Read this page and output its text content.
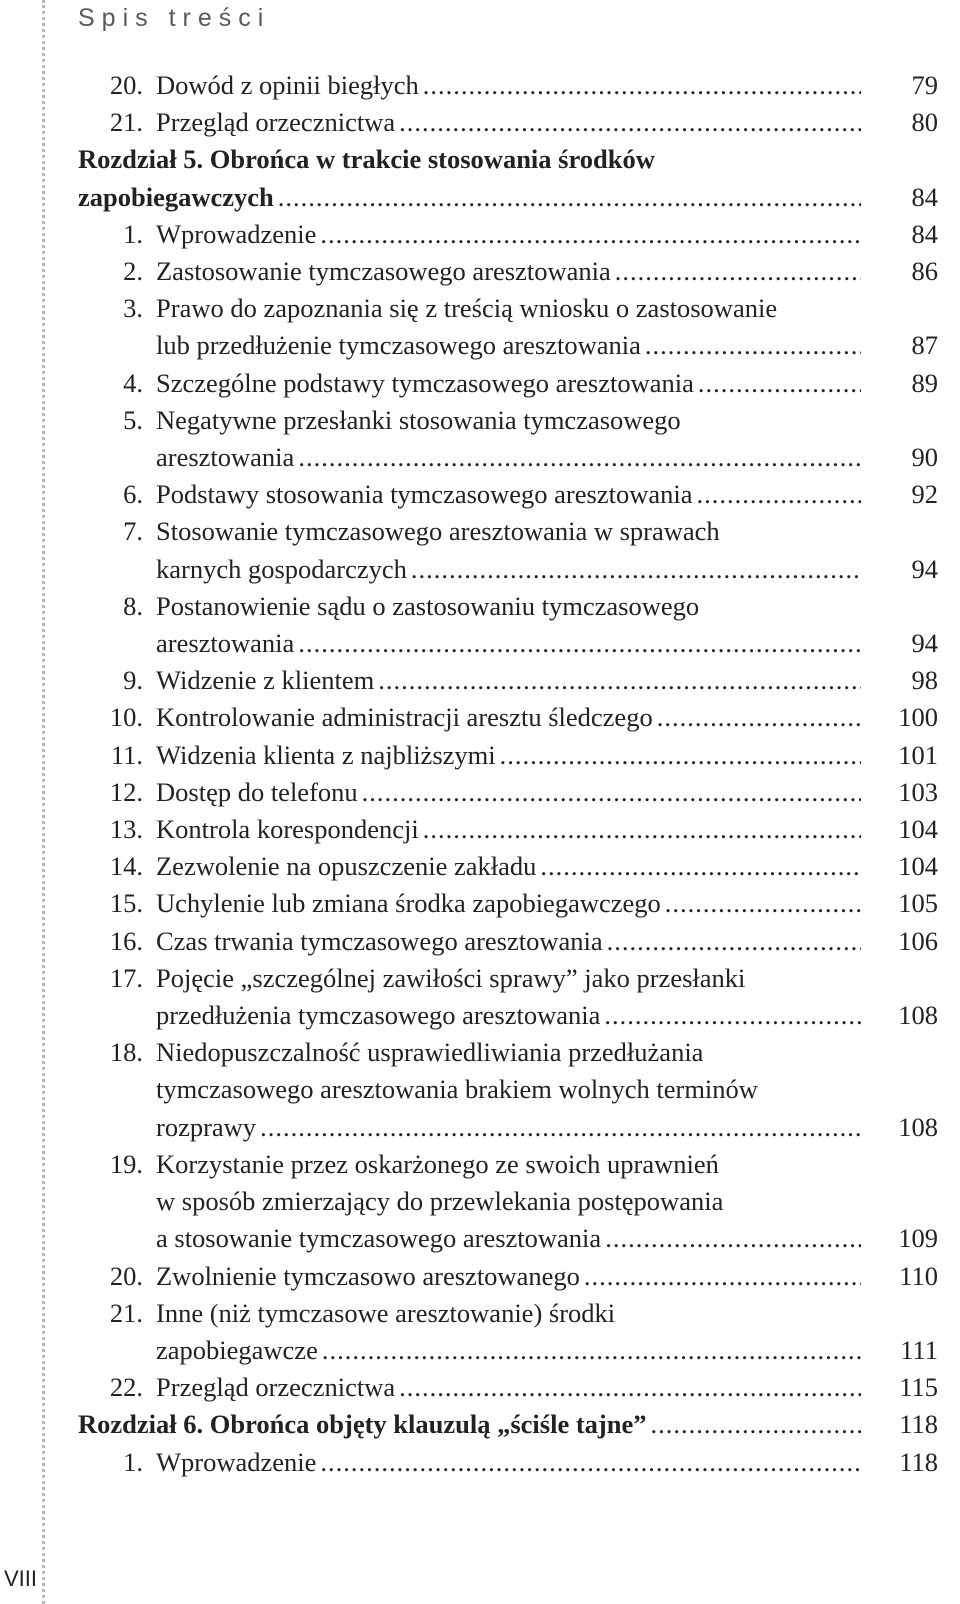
Spis treści
20. Dowód z opinii biegłych .....	79
21. Przegląd orzecznictwa .....	80
Rozdział 5. Obrońca w trakcie stosowania środków
zapobiegawczych .....	84
1. Wprowadzenie .....	84
2. Zastosowanie tymczasowego aresztowania .....	86
3. Prawo do zapoznania się z treścią wniosku o zastosowanie
lub przedłużenie tymczasowego aresztowania .....	87
4. Szczególne podstawy tymczasowego aresztowania .....	89
5. Negatywne przesłanki stosowania tymczasowego
aresztowania .....	90
6. Podstawy stosowania tymczasowego aresztowania .....	92
7. Stosowanie tymczasowego aresztowania w sprawach
karnych gospodarczych .....	94
8. Postanowienie sądu o zastosowaniu tymczasowego
aresztowania .....	94
9. Widzenie z klientem .....	98
10. Kontrolowanie administracji aresztu śledczego .....	100
11. Widzenia klienta z najbliższymi .....	101
12. Dostęp do telefonu .....	103
13. Kontrola korespondencji .....	104
14. Zezwolenie na opuszczenie zakładu .....	104
15. Uchylenie lub zmiana środka zapobiegawczego .....	105
16. Czas trwania tymczasowego aresztowania .....	106
17. Pojęcie „szczególnej zawiłości sprawy” jako przesłanki
przedłużenia tymczasowego aresztowania .....	108
18. Niedopuszczalność usprawiedliwiania przedłużania
tymczasowego aresztowania brakiem wolnych terminów
rozprawy .....	108
19. Korzystanie przez oskarżonego ze swoich uprawnień
w sposób zmierzający do przewlekania postępowania
a stosowanie tymczasowego aresztowania .....	109
20. Zwolnienie tymczasowo aresztowanego .....	110
21. Inne (niż tymczasowe aresztowanie) środki
zapobiegawcze .....	111
22. Przegląd orzecznictwa .....	115
Rozdział 6. Obrońca objęty klauzulą „ściśle tajne” .....	118
1. Wprowadzenie .....	118
VIII
